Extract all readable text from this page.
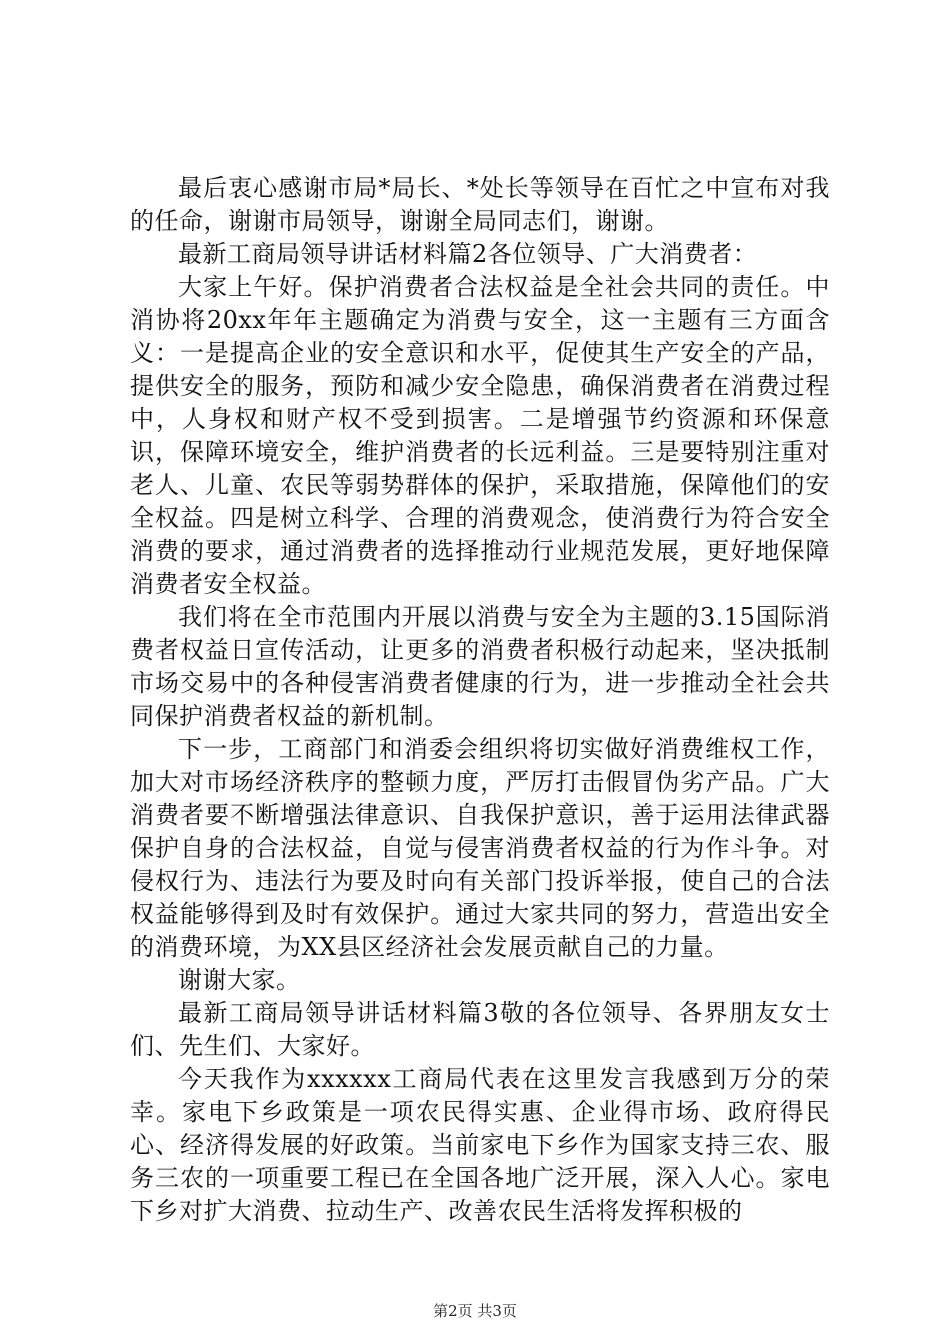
最后衷心感谢市局*局长、*处长等领导在百忙之中宣布对我的任命，谢谢市局领导，谢谢全局同志们，谢谢。

最新工商局领导讲话材料篇2各位领导、广大消费者：

大家上午好。保护消费者合法权益是全社会共同的责任。中消协将20xx年年主题确定为消费与安全，这一主题有三方面含义：一是提高企业的安全意识和水平，促使其生产安全的产品，提供安全的服务，预防和减少安全隐患，确保消费者在消费过程中，人身权和财产权不受到损害。二是增强节约资源和环保意识，保障环境安全，维护消费者的长远利益。三是要特别注重对老人、儿童、农民等弱势群体的保护，采取措施，保障他们的安全权益。四是树立科学、合理的消费观念，使消费行为符合安全消费的要求，通过消费者的选择推动行业规范发展，更好地保障消费者安全权益。

我们将在全市范围内开展以消费与安全为主题的3.15国际消费者权益日宣传活动，让更多的消费者积极行动起来，坚决抵制市场交易中的各种侵害消费者健康的行为，进一步推动全社会共同保护消费者权益的新机制。

下一步，工商部门和消委会组织将切实做好消费维权工作，加大对市场经济秩序的整顿力度，严厉打击假冒伪劣产品。广大消费者要不断增强法律意识、自我保护意识，善于运用法律武器保护自身的合法权益，自觉与侵害消费者权益的行为作斗争。对侵权行为、违法行为要及时向有关部门投诉举报，使自己的合法权益能够得到及时有效保护。通过大家共同的努力，营造出安全的消费环境，为XX县区经济社会发展贡献自己的力量。

谢谢大家。

最新工商局领导讲话材料篇3敬的各位领导、各界朋友女士们、先生们、大家好。

今天我作为xxxxxx工商局代表在这里发言我感到万分的荣幸。家电下乡政策是一项农民得实惠、企业得市场、政府得民心、经济得发展的好政策。当前家电下乡作为国家支持三农、服务三农的一项重要工程已在全国各地广泛开展，深入人心。家电下乡对扩大消费、拉动生产、改善农民生活将发挥积极的

第2页 共3页
